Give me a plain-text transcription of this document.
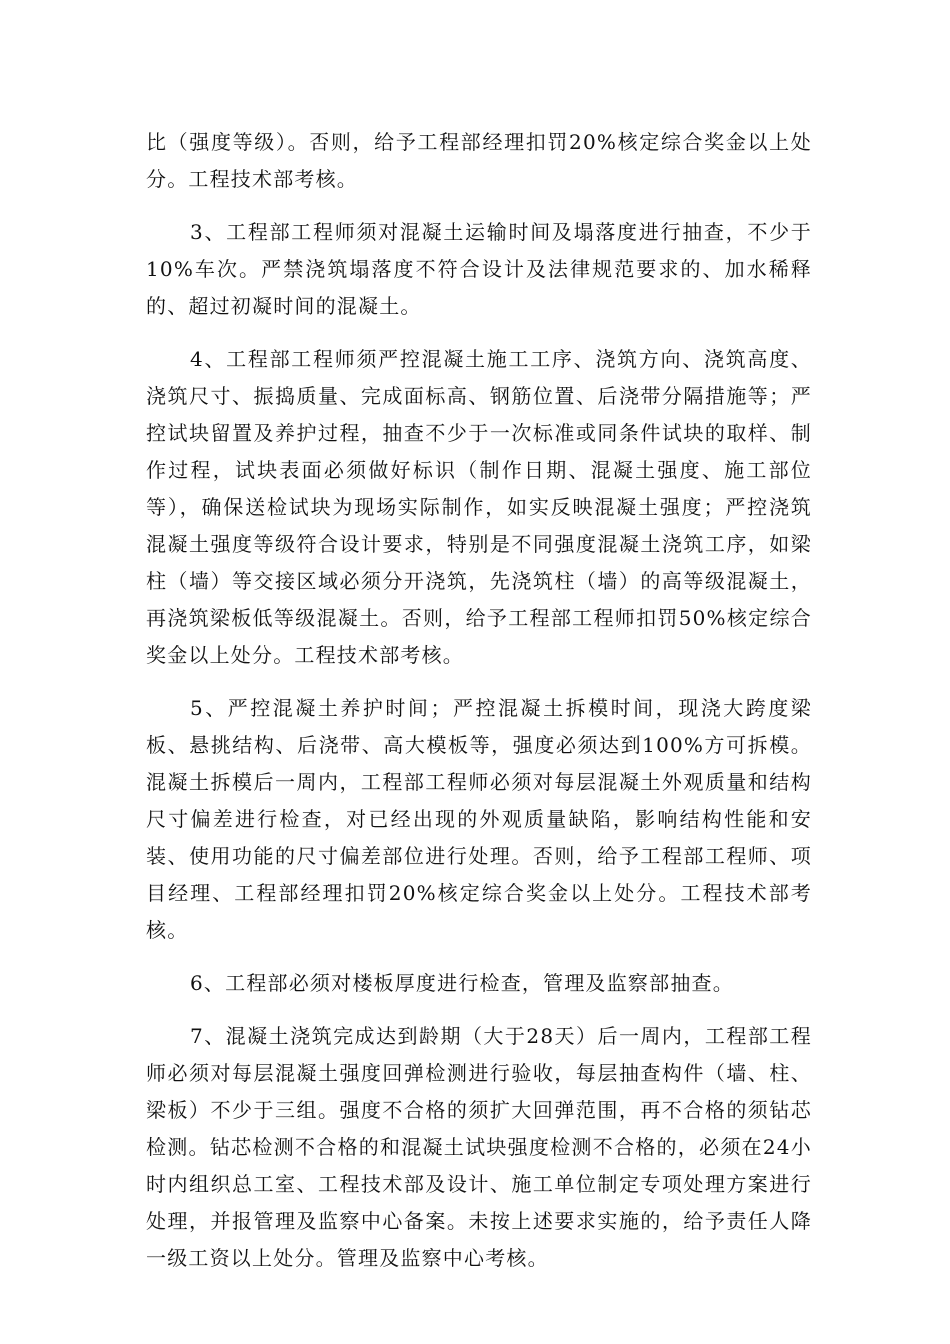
比（强度等级）。否则，给予工程部经理扣罚20%核定综合奖金以上处分。工程技术部考核。

3、工程部工程师须对混凝土运输时间及塌落度进行抽查，不少于10%车次。严禁浇筑塌落度不符合设计及法律规范要求的、加水稀释的、超过初凝时间的混凝土。

4、工程部工程师须严控混凝土施工工序、浇筑方向、浇筑高度、浇筑尺寸、振捣质量、完成面标高、钢筋位置、后浇带分隔措施等；严控试块留置及养护过程，抽查不少于一次标准或同条件试块的取样、制作过程，试块表面必须做好标识（制作日期、混凝土强度、施工部位等），确保送检试块为现场实际制作，如实反映混凝土强度；严控浇筑混凝土强度等级符合设计要求，特别是不同强度混凝土浇筑工序，如梁柱（墙）等交接区域必须分开浇筑，先浇筑柱（墙）的高等级混凝土，再浇筑梁板低等级混凝土。否则，给予工程部工程师扣罚50%核定综合奖金以上处分。工程技术部考核。

5、严控混凝土养护时间；严控混凝土拆模时间，现浇大跨度梁板、悬挑结构、后浇带、高大模板等，强度必须达到100%方可拆模。混凝土拆模后一周内，工程部工程师必须对每层混凝土外观质量和结构尺寸偏差进行检查，对已经出现的外观质量缺陷，影响结构性能和安装、使用功能的尺寸偏差部位进行处理。否则，给予工程部工程师、项目经理、工程部经理扣罚20%核定综合奖金以上处分。工程技术部考核。

6、工程部必须对楼板厚度进行检查，管理及监察部抽查。

7、混凝土浇筑完成达到龄期（大于28天）后一周内，工程部工程师必须对每层混凝土强度回弹检测进行验收，每层抽查构件（墙、柱、梁板）不少于三组。强度不合格的须扩大回弹范围，再不合格的须钻芯检测。钻芯检测不合格的和混凝土试块强度检测不合格的，必须在24小时内组织总工室、工程技术部及设计、施工单位制定专项处理方案进行处理，并报管理及监察中心备案。未按上述要求实施的，给予责任人降一级工资以上处分。管理及监察中心考核。
